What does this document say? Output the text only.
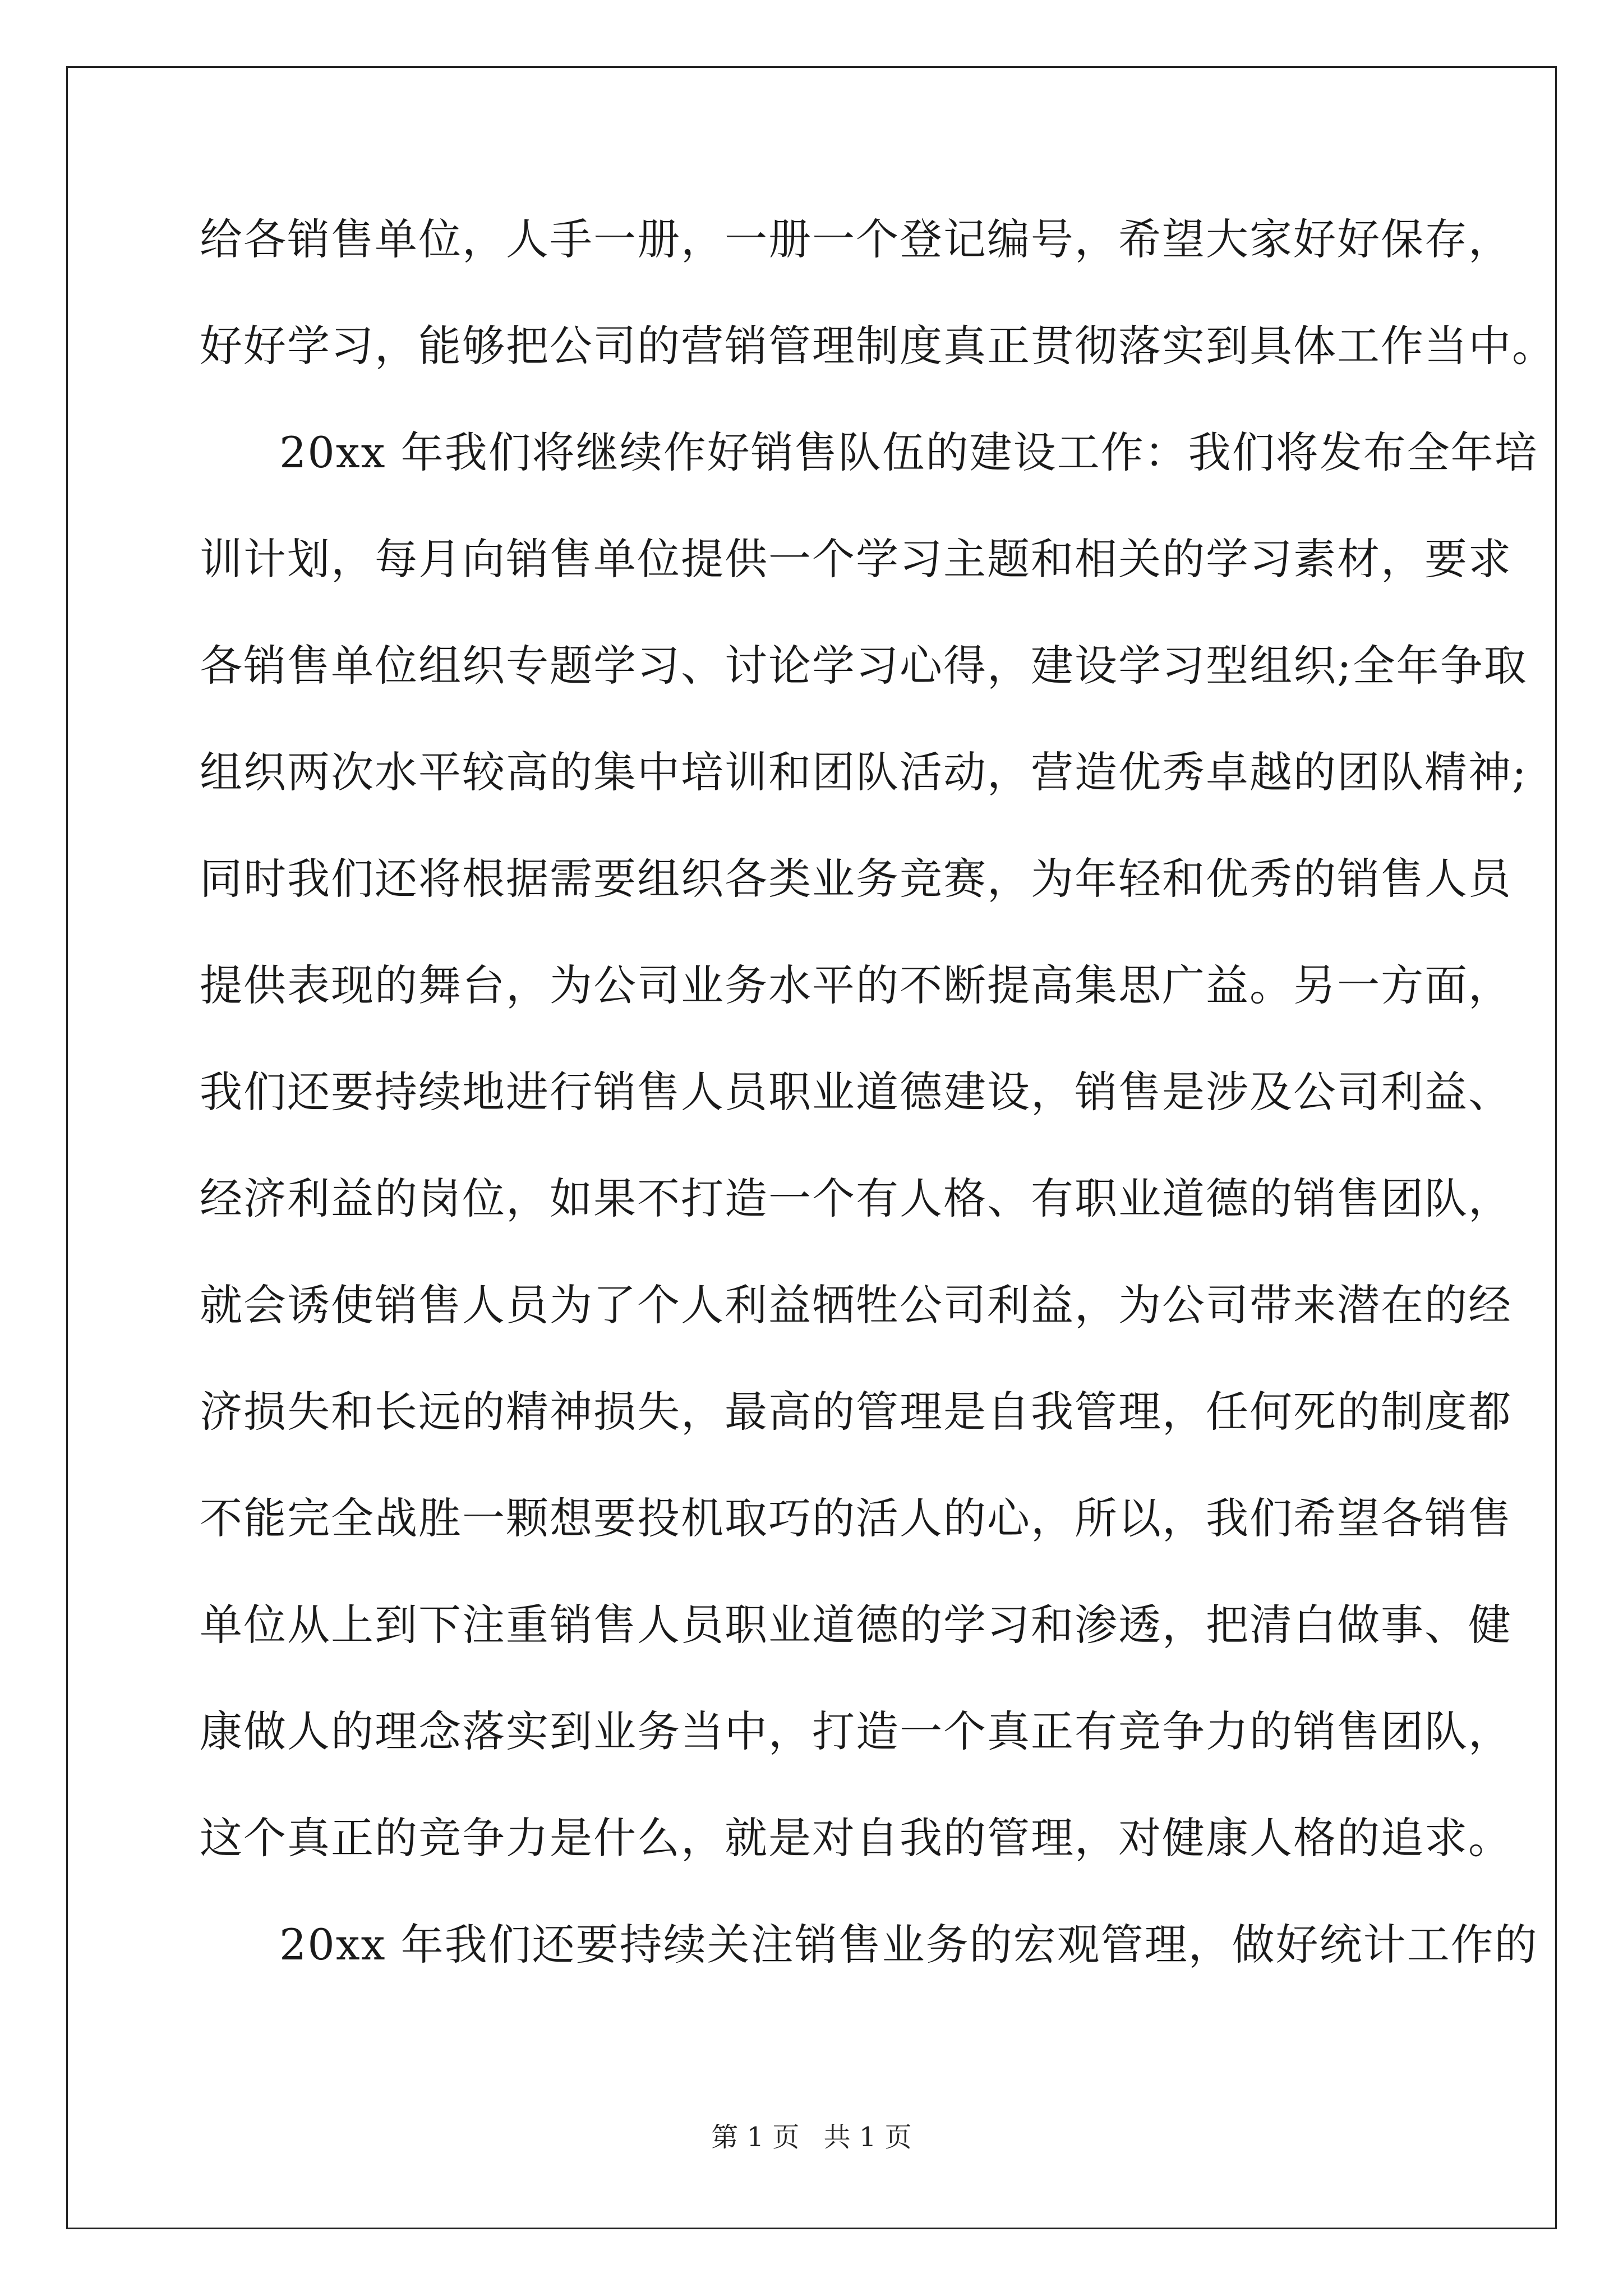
给各销售单位，人手一册，一册一个登记编号，希望大家好好保存，
好好学习，能够把公司的营销管理制度真正贯彻落实到具体工作当中。
20xx 年我们将继续作好销售队伍的建设工作：我们将发布全年培
训计划，每月向销售单位提供一个学习主题和相关的学习素材，要求
各销售单位组织专题学习、讨论学习心得，建设学习型组织;全年争取
组织两次水平较高的集中培训和团队活动，营造优秀卓越的团队精神;
同时我们还将根据需要组织各类业务竞赛，为年轻和优秀的销售人员
提供表现的舞台，为公司业务水平的不断提高集思广益。另一方面，
我们还要持续地进行销售人员职业道德建设，销售是涉及公司利益、
经济利益的岗位，如果不打造一个有人格、有职业道德的销售团队，
就会诱使销售人员为了个人利益牺牲公司利益，为公司带来潜在的经
济损失和长远的精神损失，最高的管理是自我管理，任何死的制度都
不能完全战胜一颗想要投机取巧的活人的心，所以，我们希望各销售
单位从上到下注重销售人员职业道德的学习和渗透，把清白做事、健
康做人的理念落实到业务当中，打造一个真正有竞争力的销售团队，
这个真正的竞争力是什么，就是对自我的管理，对健康人格的追求。
20xx 年我们还要持续关注销售业务的宏观管理，做好统计工作的
第 1 页 共 1 页
